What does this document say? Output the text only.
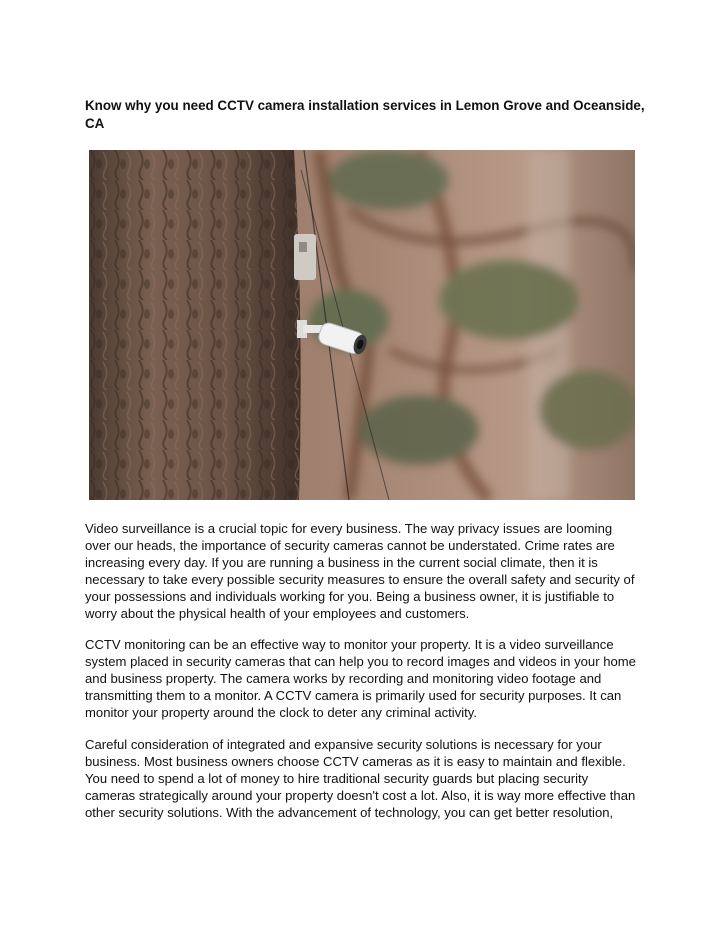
Know why you need CCTV camera installation services in Lemon Grove and Oceanside, CA

Video surveillance is a crucial topic for every business. The way privacy issues are looming over our heads, the importance of security cameras cannot be understated. Crime rates are increasing every day. If you are running a business in the current social climate, then it is necessary to take every possible security measures to ensure the overall safety and security of your possessions and individuals working for you. Being a business owner, it is justifiable to worry about the physical health of your employees and customers.

CCTV monitoring can be an effective way to monitor your property. It is a video surveillance system placed in security cameras that can help you to record images and videos in your home and business property. The camera works by recording and monitoring video footage and transmitting them to a monitor. A CCTV camera is primarily used for security purposes. It can monitor your property around the clock to deter any criminal activity.

Careful consideration of integrated and expansive security solutions is necessary for your business. Most business owners choose CCTV cameras as it is easy to maintain and flexible. You need to spend a lot of money to hire traditional security guards but placing security cameras strategically around your property doesn't cost a lot. Also, it is way more effective than other security solutions. With the advancement of technology, you can get better resolution,
